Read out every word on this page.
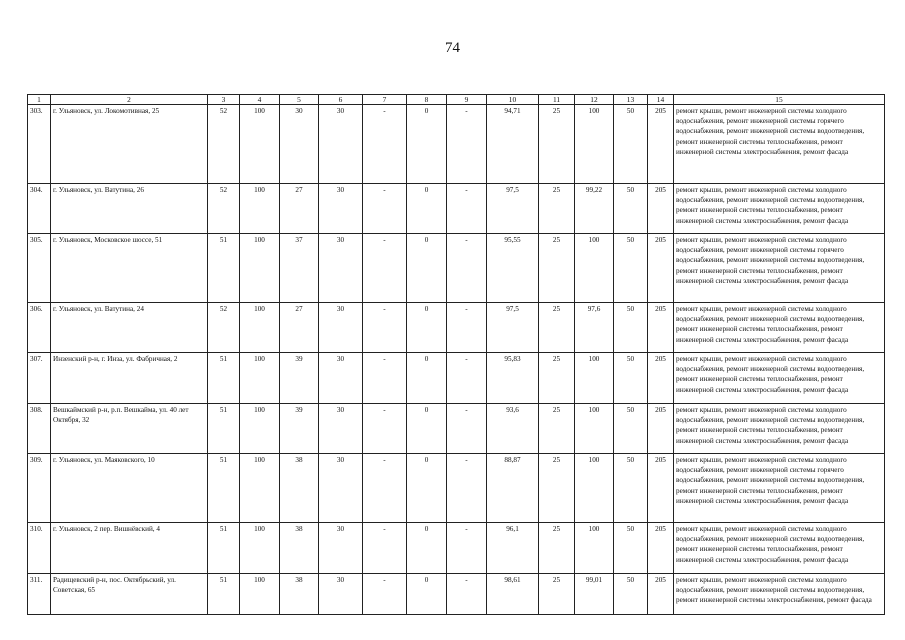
74
1	2	3	4	5	6	7	8	9	10	11	12	13	14	15
303.	г. Ульяновск, ул. Локомотивная, 25	52	100	30	30	-	0	-	94,71	25	100	50	205	ремонт крыши, ремонт инженерной системы холодного водоснабжения, ремонт инженерной системы горячего водоснабжения, ремонт инженерной системы водоотведения, ремонт инженерной системы теплоснабжения, ремонт инженерной системы электроснабжения, ремонт фасада
304.	г. Ульяновск, ул. Ватутина, 26	52	100	27	30	-	0	-	97,5	25	99,22	50	205	ремонт крыши, ремонт инженерной системы холодного водоснабжения, ремонт инженерной системы водоотведения, ремонт инженерной системы теплоснабжения, ремонт инженерной системы электроснабжения, ремонт фасада
305.	г. Ульяновск, Московское шоссе, 51	51	100	37	30	-	0	-	95,55	25	100	50	205	ремонт крыши, ремонт инженерной системы холодного водоснабжения, ремонт инженерной системы горячего водоснабжения, ремонт инженерной системы водоотведения, ремонт инженерной системы теплоснабжения, ремонт инженерной системы электроснабжения, ремонт фасада
306.	г. Ульяновск, ул. Ватутина, 24	52	100	27	30	-	0	-	97,5	25	97,6	50	205	ремонт крыши, ремонт инженерной системы холодного водоснабжения, ремонт инженерной системы водоотведения, ремонт инженерной системы теплоснабжения, ремонт инженерной системы электроснабжения, ремонт фасада
307.	Инзенский р-н, г. Инза, ул. Фабричная, 2	51	100	39	30	-	0	-	95,83	25	100	50	205	ремонт крыши, ремонт инженерной системы холодного водоснабжения, ремонт инженерной системы водоотведения, ремонт инженерной системы теплоснабжения, ремонт инженерной системы электроснабжения, ремонт фасада
308.	Вешкаймский р-н, р.п. Вешкайма, ул. 40 лет Октября, 32	51	100	39	30	-	0	-	93,6	25	100	50	205	ремонт крыши, ремонт инженерной системы холодного водоснабжения, ремонт инженерной системы водоотведения, ремонт инженерной системы теплоснабжения, ремонт инженерной системы электроснабжения, ремонт фасада
309.	г. Ульяновск, ул. Маяковского, 10	51	100	38	30	-	0	-	88,87	25	100	50	205	ремонт крыши, ремонт инженерной системы холодного водоснабжения, ремонт инженерной системы горячего водоснабжения, ремонт инженерной системы водоотведения, ремонт инженерной системы теплоснабжения, ремонт инженерной системы электроснабжения, ремонт фасада
310.	г. Ульяновск, 2 пер. Вишнёвский, 4	51	100	38	30	-	0	-	96,1	25	100	50	205	ремонт крыши, ремонт инженерной системы холодного водоснабжения, ремонт инженерной системы водоотведения, ремонт инженерной системы теплоснабжения, ремонт инженерной системы электроснабжения, ремонт фасада
311.	Радищевский р-н, пос. Октябрьский, ул. Советская, 65	51	100	38	30	-	0	-	98,61	25	99,01	50	205	ремонт крыши, ремонт инженерной системы холодного водоснабжения, ремонт инженерной системы водоотведения, ремонт инженерной системы электроснабжения, ремонт фасада
